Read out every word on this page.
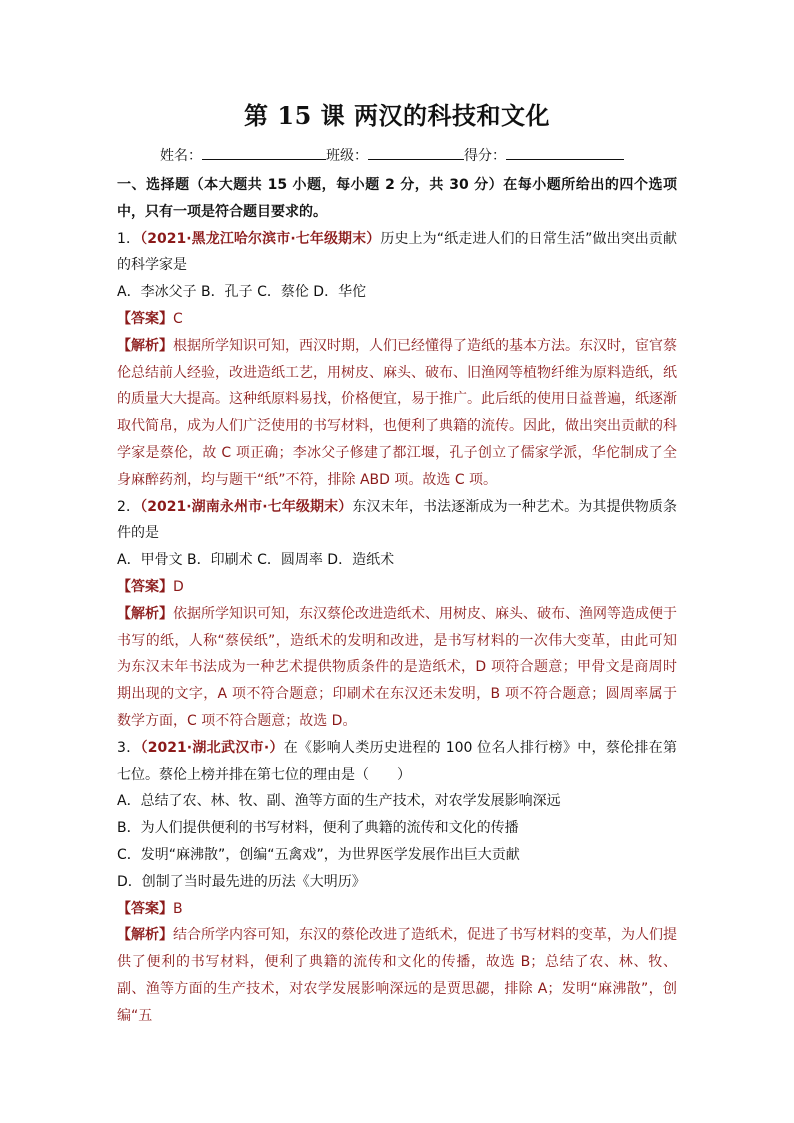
第 15 课 两汉的科技和文化
姓名：	班级：	得分：

一、选择题（本大题共 15 小题，每小题 2 分，共 30 分）在每小题所给出的四个选项中，只有一项是符合题目要求的。

1．（2021·黑龙江哈尔滨市·七年级期末）历史上为“纸走进人们的日常生活”做出突出贡献的科学家是

A．李冰父子 B．孔子 C．蔡伦 D．华佗

【答案】C

【解析】根据所学知识可知，西汉时期，人们已经懂得了造纸的基本方法。东汉时，宦官蔡伦总结前人经验，改进造纸工艺，用树皮、麻头、破布、旧渔网等植物纤维为原料造纸，纸的质量大大提高。这种纸原料易找，价格便宜，易于推广。此后纸的使用日益普遍，纸逐渐取代简帛，成为人们广泛使用的书写材料，也便利了典籍的流传。因此，做出突出贡献的科学家是蔡伦，故 C 项正确；李冰父子修建了都江堰，孔子创立了儒家学派，华佗制成了全身麻醉药剂，均与题干“纸”不符，排除 ABD 项。故选 C 项。

2．（2021·湖南永州市·七年级期末）东汉末年，书法逐渐成为一种艺术。为其提供物质条件的是

A．甲骨文 B．印刷术 C．圆周率 D．造纸术

【答案】D

【解析】依据所学知识可知，东汉蔡伦改进造纸术、用树皮、麻头、破布、渔网等造成便于书写的纸，人称“蔡侯纸”，造纸术的发明和改进，是书写材料的一次伟大变革，由此可知为东汉末年书法成为一种艺术提供物质条件的是造纸术，D 项符合题意；甲骨文是商周时期出现的文字，A 项不符合题意；印刷术在东汉还未发明，B 项不符合题意；圆周率属于数学方面，C 项不符合题意；故选 D。

3．（2021·湖北武汉市·）在《影响人类历史进程的 100 位名人排行榜》中，蔡伦排在第七位。蔡伦上榜并排在第七位的理由是（　　）

A．总结了农、林、牧、副、渔等方面的生产技术，对农学发展影响深远

B．为人们提供便利的书写材料，便利了典籍的流传和文化的传播

C．发明“麻沸散”，创编“五禽戏”，为世界医学发展作出巨大贡献

D．创制了当时最先进的历法《大明历》

【答案】B

【解析】结合所学内容可知，东汉的蔡伦改进了造纸术，促进了书写材料的变革，为人们提供了便利的书写材料，便利了典籍的流传和文化的传播，故选 B；总结了农、林、牧、副、渔等方面的生产技术，对农学发展影响深远的是贾思勰，排除 A；发明“麻沸散”，创编“五
